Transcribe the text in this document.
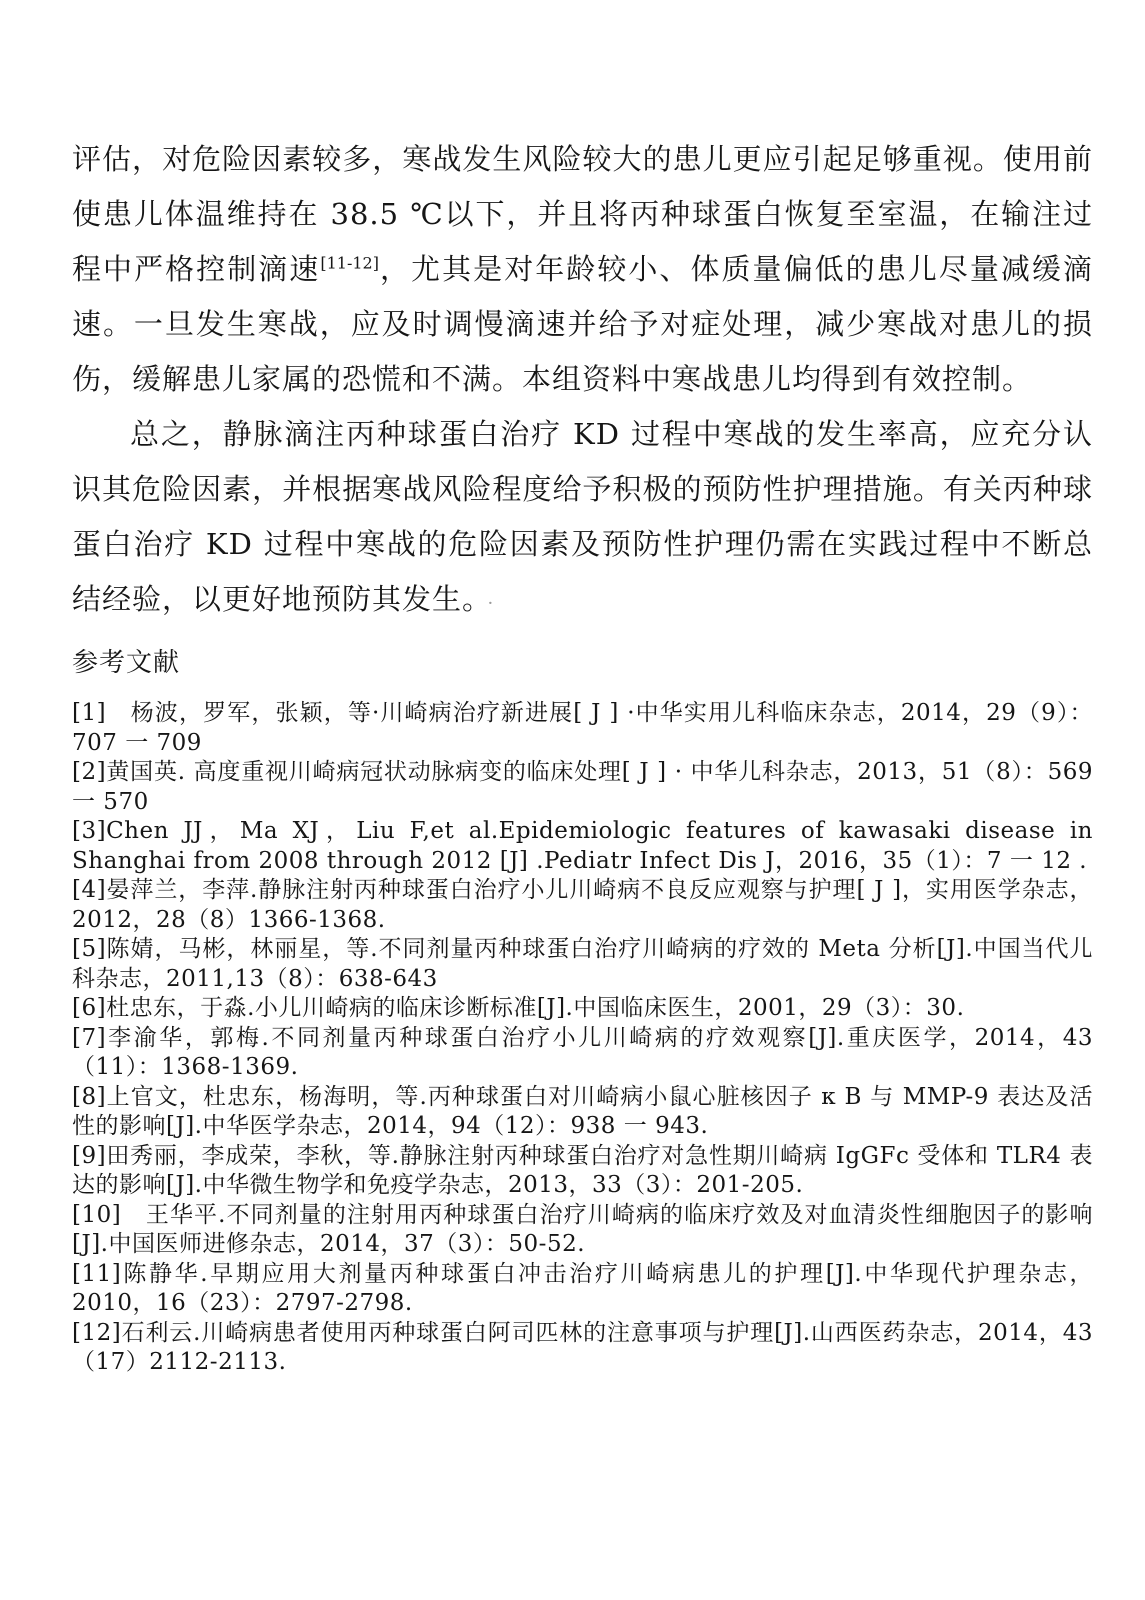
评估，对危险因素较多，寒战发生风险较大的患儿更应引起足够重视。使用前使患儿体温维持在 38.5 ℃以下，并且将丙种球蛋白恢复至室温，在输注过程中严格控制滴速[11-12]，尤其是对年龄较小、体质量偏低的患儿尽量减缓滴速。一旦发生寒战，应及时调慢滴速并给予对症处理，减少寒战对患儿的损伤，缓解患儿家属的恐慌和不满。本组资料中寒战患儿均得到有效控制。

总之，静脉滴注丙种球蛋白治疗 KD 过程中寒战的发生率高，应充分认识其危险因素，并根据寒战风险程度给予积极的预防性护理措施。有关丙种球蛋白治疗 KD 过程中寒战的危险因素及预防性护理仍需在实践过程中不断总结经验，以更好地预防其发生。 ·

参考文献

[1]　杨波，罗军，张颖，等·川崎病治疗新进展[ J ] ·中华实用儿科临床杂志，2014，29（9）：707 一 709

[2]黄国英. 高度重视川崎病冠状动脉病变的临床处理[ J ] · 中华儿科杂志，2013，51（8）：569 一 570

[3]Chen JJ，Ma XJ，Liu F,et al.Epidemiologic features of kawasaki disease in Shanghai from 2008 through 2012 [J] .Pediatr Infect Dis J，2016，35（1）：7 一 12 .

[4]晏萍兰，李萍.静脉注射丙种球蛋白治疗小儿川崎病不良反应观察与护理[ J ]，实用医学杂志，2012，28（8）1366-1368.

[5]陈婧，马彬，林丽星，等.不同剂量丙种球蛋白治疗川崎病的疗效的 Meta 分析[J].中国当代儿科杂志，2011,13（8）：638-643

[6]杜忠东，于淼.小儿川崎病的临床诊断标准[J].中国临床医生，2001，29（3）：30.

[7]李渝华，郭梅.不同剂量丙种球蛋白治疗小儿川崎病的疗效观察[J].重庆医学，2014，43（11）：1368-1369.

[8]上官文，杜忠东，杨海明，等.丙种球蛋白对川崎病小鼠心脏核因子 κ B 与 MMP-9 表达及活性的影响[J].中华医学杂志，2014，94（12）：938 一 943.

[9]田秀丽，李成荣，李秋，等.静脉注射丙种球蛋白治疗对急性期川崎病 IgGFc 受体和 TLR4 表达的影响[J].中华微生物学和免疫学杂志，2013，33（3）：201-205.

[10]　王华平.不同剂量的注射用丙种球蛋白治疗川崎病的临床疗效及对血清炎性细胞因子的影响[J].中国医师进修杂志，2014，37（3）：50-52.

[11]陈静华.早期应用大剂量丙种球蛋白冲击治疗川崎病患儿的护理[J].中华现代护理杂志，2010，16（23）：2797-2798.

[12]石利云.川崎病患者使用丙种球蛋白阿司匹林的注意事项与护理[J].山西医药杂志，2014，43（17）2112-2113.
